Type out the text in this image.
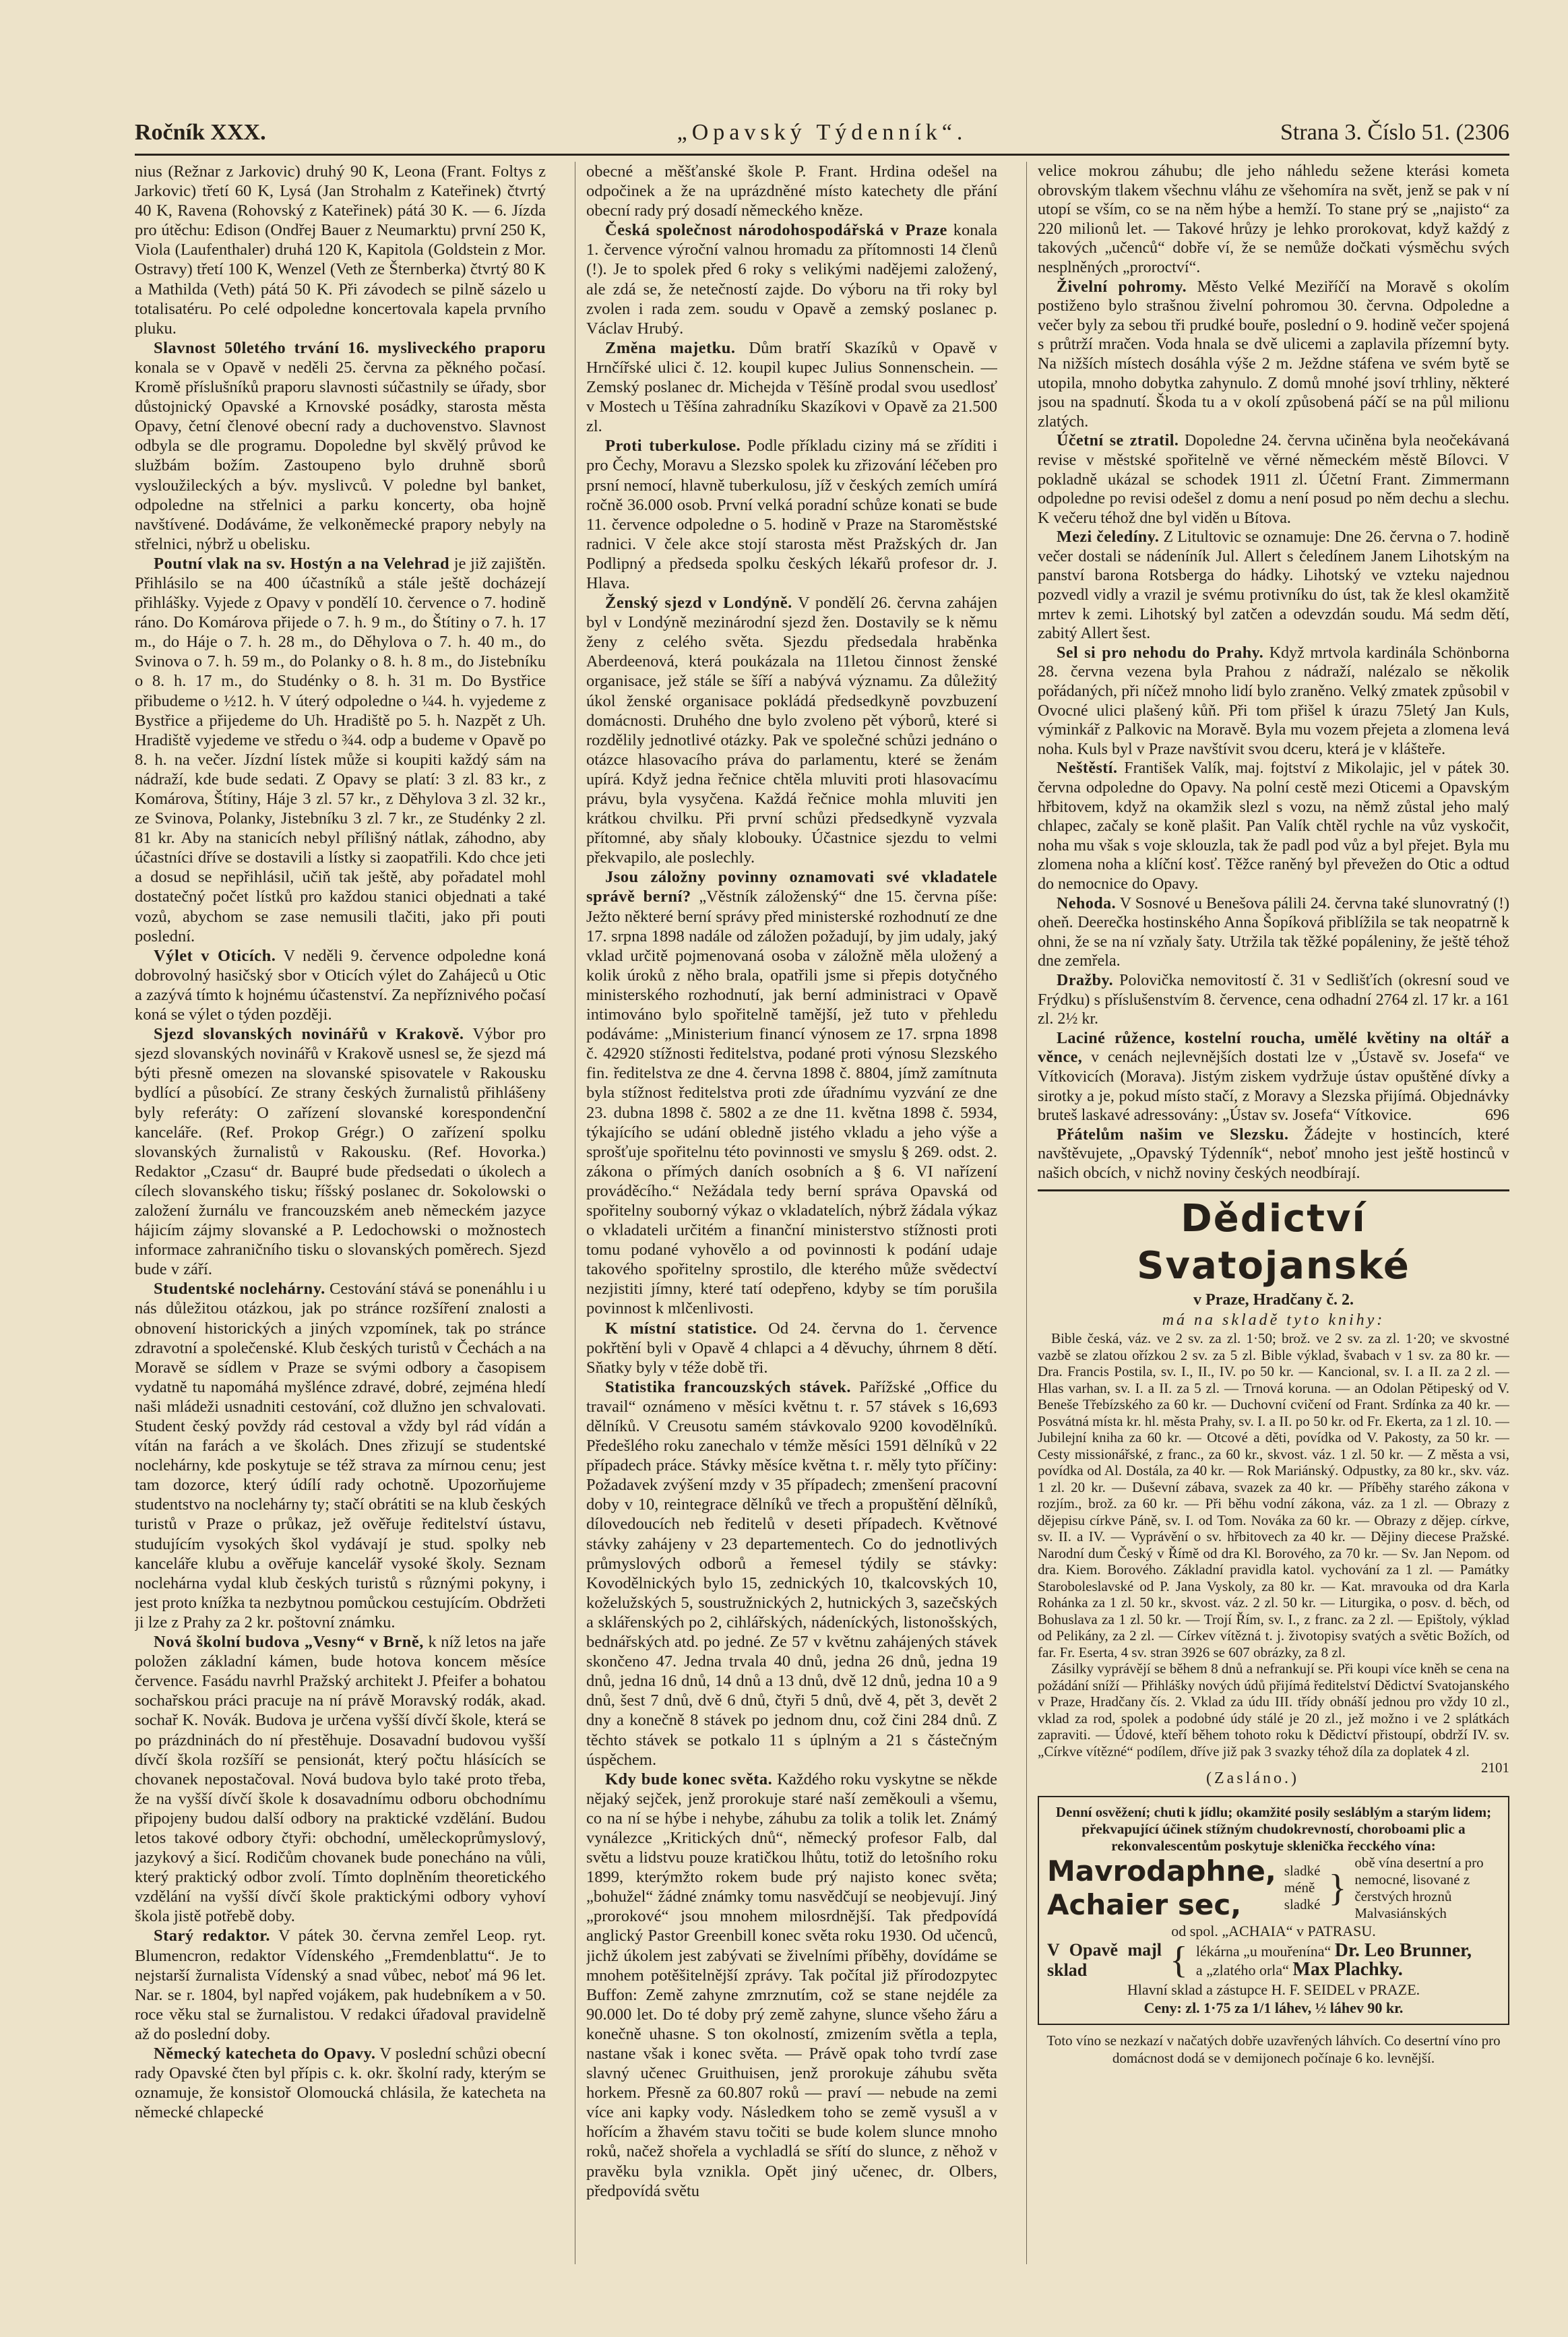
Ročník XXX.	„Opavský Týdenník“.	Strana 3. Číslo 51. (2306

nius (Režnar z Jarkovic) druhý 90 K, Leona (Frant. Foltys z Jarkovic) třetí 60 K, Lysá (Jan Strohalm z Kateřinek) čtvrtý 40 K, Ravena (Rohovský z Kateřinek) pátá 30 K. — 6. Jízda pro útěchu: Edison (Ondřej Bauer z Neumarktu) první 250 K, Viola (Laufenthaler) druhá 120 K, Kapitola (Goldstein z Mor. Ostravy) třetí 100 K, Wenzel (Veth ze Šternberka) čtvrtý 80 K a Mathilda (Veth) pátá 50 K. Při závodech se pilně sázelo u totalisatéru. Po celé odpoledne koncertovala kapela prvního pluku.

Slavnost 50letého trvání 16. mysliveckého praporu konala se v Opavě v neděli 25. června za pěkného počasí. Kromě příslušníků praporu slavnosti súčastnily se úřady, sbor důstojnický Opavské a Krnovské posádky, starosta města Opavy, četní členové obecní rady a duchovenstvo. Slavnost odbyla se dle programu. Dopoledne byl skvělý průvod ke službám božím. Zastoupeno bylo druhně sborů vysloužileckých a býv. myslivců. V poledne byl banket, odpoledne na střelnici a parku koncerty, oba hojně navštívené. Dodáváme, že velkoněmecké prapory nebyly na střelnici, nýbrž u obelisku.

Poutní vlak na sv. Hostýn a na Velehrad je již zajištěn. Přihlásilo se na 400 účastníků a stále ještě docházejí přihlášky. Vyjede z Opavy v pondělí 10. července o 7. hodině ráno. Do Komárova přijede o 7. h. 9 m., do Štítiny o 7. h. 17 m., do Háje o 7. h. 28 m., do Děhylova o 7. h. 40 m., do Svinova o 7. h. 59 m., do Polanky o 8. h. 8 m., do Jistebníku o 8. h. 17 m., do Studénky o 8. h. 31 m. Do Bystřice přibudeme o ½12. h. V úterý odpoledne o ¼4. h. vyjedeme z Bystřice a přijedeme do Uh. Hradiště po 5. h. Nazpět z Uh. Hradiště vyjedeme ve středu o ¾4. odp a budeme v Opavě po 8. h. na večer. Jízdní lístek může si koupiti každý sám na nádraží, kde bude sedati. Z Opavy se platí: 3 zl. 83 kr., z Komárova, Štítiny, Háje 3 zl. 57 kr., z Děhylova 3 zl. 32 kr., ze Svinova, Polanky, Jistebníku 3 zl. 7 kr., ze Studénky 2 zl. 81 kr. Aby na stanicích nebyl přílišný nátlak, záhodno, aby účastníci dříve se dostavili a lístky si zaopatřili. Kdo chce jeti a dosud se nepřihlásil, učiň tak ještě, aby pořadatel mohl dostatečný počet lístků pro každou stanici objednati a také vozů, abychom se zase nemusili tlačiti, jako při pouti poslední.

Výlet v Oticích. V neděli 9. července odpoledne koná dobrovolný hasičský sbor v Oticích výlet do Zahájeců u Otic a zazývá tímto k hojnému účastenství. Za nepříznivého počasí koná se výlet o týden později.

Sjezd slovanských novinářů v Krakově. Výbor pro sjezd slovanských novinářů v Krakově usnesl se, že sjezd má býti přesně omezen na slovanské spisovatele v Rakousku bydlící a působící. Ze strany českých žurnalistů přihlášeny byly referáty: O zařízení slovanské korespondenční kanceláře. (Ref. Prokop Grégr.) O zařízení spolku slovanských žurnalistů v Rakousku. (Ref. Hovorka.) Redaktor „Czasu“ dr. Baupré bude předsedati o úkolech a cílech slovanského tisku; říšský poslanec dr. Sokolowski o založení žurnálu ve francouzském aneb německém jazyce hájicím zájmy slovanské a P. Ledochowski o možnostech informace zahraničního tisku o slovanských poměrech. Sjezd bude v září.

Studentské noclehárny. Cestování stává se ponenáhlu i u nás důležitou otázkou, jak po stránce rozšíření znalosti a obnovení historických a jiných vzpomínek, tak po stránce zdravotní a společenské. Klub českých turistů v Čechách a na Moravě se sídlem v Praze se svými odbory a časopisem vydatně tu napomáhá myšlénce zdravé, dobré, zejména hledí naši mládeži usnadniti cestování, což dlužno jen schvalovati. Student český povždy rád cestoval a vždy byl rád vídán a vítán na farách a ve školách. Dnes zřizují se studentské noclehárny, kde poskytuje se též strava za mírnou cenu; jest tam dozorce, který údílí rady ochotně. Upozorňujeme studentstvo na noclehárny ty; stačí obrátiti se na klub českých turistů v Praze o průkaz, jež ověřuje ředitelství ústavu, studujícím vysokých škol vydávají je stud. spolky neb kanceláře klubu a ověřuje kancelář vysoké školy. Seznam noclehárna vydal klub českých turistů s různými pokyny, i jest proto knížka ta nezbytnou pomůckou cestujícím. Obdržeti ji lze z Prahy za 2 kr. poštovní známku.

Nová školní budova „Vesny“ v Brně, k níž letos na jaře položen základní kámen, bude hotova koncem měsíce července. Fasádu navrhl Pražský architekt J. Pfeifer a bohatou sochařskou práci pracuje na ní právě Moravský rodák, akad. sochař K. Novák. Budova je určena vyšší dívčí škole, která se po prázdninách do ní přestěhuje. Dosavadní budovou vyšší dívčí škola rozšíří se pensionát, který počtu hlásících se chovanek nepostačoval. Nová budova bylo také proto třeba, že na vyšší dívčí škole k dosavadnímu odboru obchodnímu připojeny budou další odbory na praktické vzdělání. Budou letos takové odbory čtyři: obchodní, uměleckoprůmyslový, jazykový a šicí. Rodičům chovanek bude ponecháno na vůli, který praktický odbor zvolí. Tímto doplněním theoretického vzdělání na vyšší dívčí škole praktickými odbory vyhoví škola jistě potřebě doby.

Starý redaktor. V pátek 30. června zemřel Leop. ryt. Blumencron, redaktor Vídenského „Fremdenblattu“. Je to nejstarší žurnalista Vídenský a snad vůbec, neboť má 96 let. Nar. se r. 1804, byl napřed vojákem, pak hudebníkem a v 50. roce věku stal se žurnalistou. V redakci úřadoval pravidelně až do poslední doby.

Německý katecheta do Opavy. V poslední schůzi obecní rady Opavské čten byl přípis c. k. okr. školní rady, kterým se oznamuje, že konsistoř Olomoucká chlásila, že katecheta na německé chlapecké

obecné a měšťanské škole P. Frant. Hrdina odešel na odpočinek a že na uprázdněné místo katechety dle přání obecní rady prý dosadí německého kněze.

Česká společnost národohospodářská v Praze konala 1. července výroční valnou hromadu za přítomnosti 14 členů (!). Je to spolek před 6 roky s velikými nadějemi založený, ale zdá se, že netečností zajde. Do výboru na tři roky byl zvolen i rada zem. soudu v Opavě a zemský poslanec p. Václav Hrubý.

Změna majetku. Dům bratří Skazíků v Opavě v Hrnčířské ulici č. 12. koupil kupec Julius Sonnenschein. — Zemský poslanec dr. Michejda v Těšíně prodal svou usedlosť v Mostech u Těšína zahradníku Skazíkovi v Opavě za 21.500 zl.

Proti tuberkulose. Podle příkladu ciziny má se zříditi i pro Čechy, Moravu a Slezsko spolek ku zřizování léčeben pro prsní nemocí, hlavně tuberkulosu, jíž v českých zemích umírá ročně 36.000 osob. První velká poradní schůze konati se bude 11. července odpoledne o 5. hodině v Praze na Staroměstské radnici. V čele akce stojí starosta měst Pražských dr. Jan Podlipný a předseda spolku českých lékařů profesor dr. J. Hlava.

Ženský sjezd v Londýně. V pondělí 26. června zahájen byl v Londýně mezinárodní sjezd žen. Dostavily se k němu ženy z celého světa. Sjezdu předsedala hraběnka Aberdeenová, která poukázala na 11letou činnost ženské organisace, jež stále se šíří a nabývá významu. Za důležitý úkol ženské organisace pokládá předsedkyně povzbuzení domácnosti. Druhého dne bylo zvoleno pět výborů, které si rozdělily jednotlivé otázky. Pak ve společné schůzi jednáno o otázce hlasovacího práva do parlamentu, které se ženám upírá. Když jedna řečnice chtěla mluviti proti hlasovacímu právu, byla vysyčena. Každá řečnice mohla mluviti jen krátkou chvilku. Při první schůzi předsedkyně vyzvala přítomné, aby sňaly klobouky. Účastnice sjezdu to velmi překvapilo, ale poslechly.

Jsou záložny povinny oznamovati své vkladatele správě berní? „Věstník záloženský“ dne 15. června píše: Ježto některé berní správy před ministerské rozhodnutí ze dne 17. srpna 1898 nadále od záložen požadují, by jim udaly, jaký vklad určitě pojmenovaná osoba v záložně měla uložený a kolik úroků z něho brala, opatřili jsme si přepis dotyčného ministerského rozhodnutí, jak berní administraci v Opavě intimováno bylo spořitelně tamější, jež tuto v přehledu podáváme: „Ministerium financí výnosem ze 17. srpna 1898 č. 42920 stížnosti ředitelstva, podané proti výnosu Slezského fin. ředitelstva ze dne 4. června 1898 č. 8804, jímž zamítnuta byla stížnost ředitelstva proti zde úřadnímu vyzvání ze dne 23. dubna 1898 č. 5802 a ze dne 11. května 1898 č. 5934, týkajícího se udání obledně jistého vkladu a jeho výše a sprošťuje spořitelnu této povinnosti ve smyslu § 269. odst. 2. zákona o přímých daních osobních a § 6. VI nařízení prováděcího.“ Nežádala tedy berní správa Opavská od spořitelny souborný výkaz o vkladatelích, nýbrž žádala výkaz o vkladateli určitém a finanční ministerstvo stížnosti proti tomu podané vyhovělo a od povinnosti k podání udaje takového spořitelny sprostilo, dle kterého může svědectví nezjistiti jímny, které tatí odepřeno, kdyby se tím porušila povinnost k mlčenlivosti.

K místní statistice. Od 24. června do 1. července pokřtění byli v Opavě 4 chlapci a 4 děvuchy, úhrnem 8 dětí. Sňatky byly v téže době tři.

Statistika francouzských stávek. Pařížské „Office du travail“ oznámeno v měsíci květnu t. r. 57 stávek s 16,693 dělníků. V Creusotu samém stávkovalo 9200 kovodělníků. Předešlého roku zanechalo v témže měsíci 1591 dělníků v 22 případech práce. Stávky měsíce května t. r. měly tyto příčiny: Požadavek zvýšení mzdy v 35 případech; zmenšení pracovní doby v 10, reintegrace dělníků ve třech a propuštění dělníků, dílovedoucích neb ředitelů v deseti případech. Květnové stávky zahájeny v 23 departementech. Co do jednotlivých průmyslových odborů a řemesel týdily se stávky: Kovodělnických bylo 15, zednických 10, tkalcovských 10, koželužských 5, soustružnických 2, hutnických 3, sazečských a sklářenských po 2, cihlářských, nádeníckých, listonošských, bednářských atd. po jedné. Ze 57 v květnu zahájených stávek skončeno 47. Jedna trvala 40 dnů, jedna 26 dnů, jedna 19 dnů, jedna 16 dnů, 14 dnů a 13 dnů, dvě 12 dnů, jedna 10 a 9 dnů, šest 7 dnů, dvě 6 dnů, čtyři 5 dnů, dvě 4, pět 3, devět 2 dny a konečně 8 stávek po jednom dnu, což čini 284 dnů. Z těchto stávek se potkalo 11 s úplným a 21 s částečným úspěchem.

Kdy bude konec světa. Každého roku vyskytne se někde nějaký sejček, jenž prorokuje staré naší zeměkouli a všemu, co na ní se hýbe i nehybe, záhubu za tolik a tolik let. Známý vynálezce „Kritických dnů“, německý profesor Falb, dal světu a lidstvu pouze kratičkou lhůtu, totiž do letošního roku 1899, kterýmžto rokem bude prý najisto konec světa; „bohužel“ žádné známky tomu nasvědčují se neobjevují. Jiný „prorokové“ jsou mnohem milosrdnější. Tak předpovídá anglický Pastor Greenbill konec světa roku 1930. Od učenců, jichž úkolem jest zabývati se živelními příběhy, dovídáme se mnohem potěšitelnější zprávy. Tak počítal již přírodozpytec Buffon: Země zahyne zmrznutím, což se stane nejdéle za 90.000 let. Do té doby prý země zahyne, slunce všeho žáru a konečně uhasne. S ton okolností, zmizením světla a tepla, nastane však i konec světa. — Právě opak toho tvrdí zase slavný učenec Gruithuisen, jenž prorokuje záhubu světa horkem. Přesně za 60.807 roků — praví — nebude na zemi více ani kapky vody. Následkem toho se země vysušl a v hořícím a žhavém stavu točiti se bude kolem slunce mnoho roků, načež shořela a vychladlá se sřítí do slunce, z něhož v pravěku byla vznikla. Opět jiný učenec, dr. Olbers, předpovídá světu

velice mokrou záhubu; dle jeho náhledu sežene kterási kometa obrovským tlakem všechnu vláhu ze všehomíra na svět, jenž se pak v ní utopí se vším, co se na něm hýbe a hemží. To stane prý se „najisto“ za 220 milionů let. — Takové hrůzy je lehko prorokovat, když každý z takových „učenců“ dobře ví, že se nemůže dočkati výsměchu svých nesplněných „proroctví“.

Živelní pohromy. Město Velké Meziříčí na Moravě s okolím postiženo bylo strašnou živelní pohromou 30. června. Odpoledne a večer byly za sebou tři prudké bouře, poslední o 9. hodině večer spojená s průtrží mračen. Voda hnala se dvě ulicemi a zaplavila přízemní byty. Na nižších místech dosáhla výše 2 m. Ježdne stáfena ve svém bytě se utopila, mnoho dobytka zahynulo. Z domů mnohé jsoví trhliny, některé jsou na spadnutí. Škoda tu a v okolí způsobená páčí se na půl milionu zlatých.

Účetní se ztratil. Dopoledne 24. června učiněna byla neočekávaná revise v městské spořitelně ve věrné německém městě Bílovci. V pokladně ukázal se schodek 1911 zl. Účetní Frant. Zimmermann odpoledne po revisi odešel z domu a není posud po něm dechu a slechu. K večeru téhož dne byl viděn u Bítova.

Mezi čeledíny. Z Litultovic se oznamuje: Dne 26. června o 7. hodině večer dostali se nádeníník Jul. Allert s čeledínem Janem Lihotským na panství barona Rotsberga do hádky. Lihotský ve vzteku najednou pozvedl vidly a vrazil je svému protivníku do úst, tak že klesl okamžitě mrtev k zemi. Lihotský byl zatčen a odevzdán soudu. Má sedm dětí, zabitý Allert šest.

Sel si pro nehodu do Prahy. Když mrtvola kardinála Schönborna 28. června vezena byla Prahou z nádraží, nalézalo se několik pořádaných, při níčež mnoho lidí bylo zraněno. Velký zmatek způsobil v Ovocné ulici plašený kůň. Při tom přišel k úrazu 75letý Jan Kuls, výminkář z Palkovic na Moravě. Byla mu vozem přejeta a zlomena levá noha. Kuls byl v Praze navštívit svou dceru, která je v klášteře.

Neštěstí. František Valík, maj. fojtství z Mikolajic, jel v pátek 30. června odpoledne do Opavy. Na polní cestě mezi Oticemi a Opavským hřbitovem, když na okamžik slezl s vozu, na němž zůstal jeho malý chlapec, začaly se koně plašit. Pan Valík chtěl rychle na vůz vyskočit, noha mu však s voje sklouzla, tak že padl pod vůz a byl přejet. Byla mu zlomena noha a klíční kosť. Těžce raněný byl převežen do Otic a odtud do nemocnice do Opavy.

Nehoda. V Sosnové u Benešova pálili 24. června také slunovratný (!) oheň. Deerečka hostinského Anna Šopíková přiblížila se tak neopatrně k ohni, že se na ní vzňaly šaty. Utržila tak těžké popáleniny, že ještě téhož dne zemřela.

Dražby. Polovička nemovitostí č. 31 v Sedlišťích (okresní soud ve Frýdku) s příslušenstvím 8. července, cena odhadní 2764 zl. 17 kr. a 161 zl. 2½ kr.

Laciné růžence, kostelní roucha, umělé květiny na oltář a věnce, v cenách nejlevnějších dostati lze v „Ústavě sv. Josefa“ ve Vítkovicích (Morava). Jistým ziskem vydržuje ústav opuštěné dívky a sirotky a je, pokud místo stačí, z Moravy a Slezska přijímá. Objednávky bruteš laskavé adressovány: „Ústav sv. Josefa“ Vítkovice.	696

Přátelům našim ve Slezsku. Žádejte v hostincích, které navštěvujete, „Opavský Týdenník“, neboť mnoho jest ještě hostinců v našich obcích, v nichž noviny českých neodbírají.

Dědictví Svatojanské
v Praze, Hradčany č. 2.
má na skladě tyto knihy:

Bible česká, váz. ve 2 sv. za zl. 1·50; brož. ve 2 sv. za zl. 1·20; ve skvostné vazbě se zlatou ořízkou 2 sv. za 5 zl. Bible výklad, švabach v 1 sv. za 80 kr. — Dra. Francis Postila, sv. I., II., IV. po 50 kr. — Kancional, sv. I. a II. za 2 zl. — Hlas varhan, sv. I. a II. za 5 zl. — Trnová koruna. — an Odolan Pětipeský od V. Beneše Třebízského za 60 kr. — Duchovní cvičení od Frant. Srdínka za 40 kr. — Posvátná místa kr. hl. města Prahy, sv. I. a II. po 50 kr. od Fr. Ekerta, za 1 zl. 10. — Jubilejní kniha za 60 kr. — Otcové a děti, povídka od V. Pakosty, za 50 kr. — Cesty missionářské, z franc., za 60 kr., skvost. váz. 1 zl. 50 kr. — Z města a vsi, povídka od Al. Dostála, za 40 kr. — Rok Mariánský. Odpustky, za 80 kr., skv. váz. 1 zl. 20 kr. — Duševní zábava, svazek za 40 kr. — Příběhy starého zákona v rozjím., brož. za 60 kr. — Při běhu vodní zákona, váz. za 1 zl. — Obrazy z dějepisu církve Páně, sv. I. od Tom. Nováka za 60 kr. — Obrazy z dějep. církve, sv. II. a IV. — Vyprávění o sv. hřbitovech za 40 kr. — Dějiny diecese Pražské. Narodní dum Český v Římě od dra Kl. Borového, za 70 kr. — Sv. Jan Nepom. od dra. Kiem. Borového. Základní pravidla katol. vychování za 1 zl. — Památky Staroboleslavské od P. Jana Vyskoly, za 80 kr. — Kat. mravouka od dra Karla Rohánka za 1 zl. 50 kr., skvost. váz. 2 zl. 50 kr. — Liturgika, o posv. d. běch, od Bohuslava za 1 zl. 50 kr. — Trojí Řím, sv. I., z franc. za 2 zl. — Epištoly, výklad od Pelikány, za 2 zl. — Církev vítězná t. j. životopisy svatých a světic Božích, od far. Fr. Eserta, 4 sv. stran 3926 se 607 obrázky, za 8 zl.

Zásilky vyprávějí se během 8 dnů a nefrankují se. Při koupi více kněh se cena na požádání sníží — Přihlášky nových údů přijímá ředitelství Dědictví Svatojanského v Praze, Hradčany čís. 2. Vklad za údu III. třídy obnáší jednou pro vždy 10 zl., vklad za rod, spolek a podobné údy stálé je 20 zl., jež možno i ve 2 splátkách zapraviti. — Údové, kteří během tohoto roku k Dědictví přistoupí, obdrží IV. sv. „Církve vítězné“ podílem, dříve již pak 3 svazky téhož díla za doplatek 4 zl.
2101

(Zasláno.)
Denní osvěžení; chuti k jídlu; okamžité posily sesláblým a starým lidem; překvapující účinek stížným chudokrevností, choroboami plic a rekonvalescentům poskytuje sklenička řecckého vína:
Mavrodaphne,
Achaier sec,
sladké
méně sladké }
obě vína desertní a pro nemocné, lisované z čerstvých hroznů Malvasiánských
od spol. „ACHAIA“ v PATRASU.
V Opavě majl sklad	{ lékárna „u mouřenína“ Dr. Leo Brunner,
a „zlatého orla“ Max Plachky.
Hlavní sklad a zástupce H. F. SEIDEL v PRAZE.
Ceny: zl. 1·75 za 1/1 láhev, ½ láhev 90 kr.
Toto víno se nezkazí v načatých dobře uzavřených láhvích. Co desertní víno pro domácnost dodá se v demijonech počínaje 6 ko. levnější.
